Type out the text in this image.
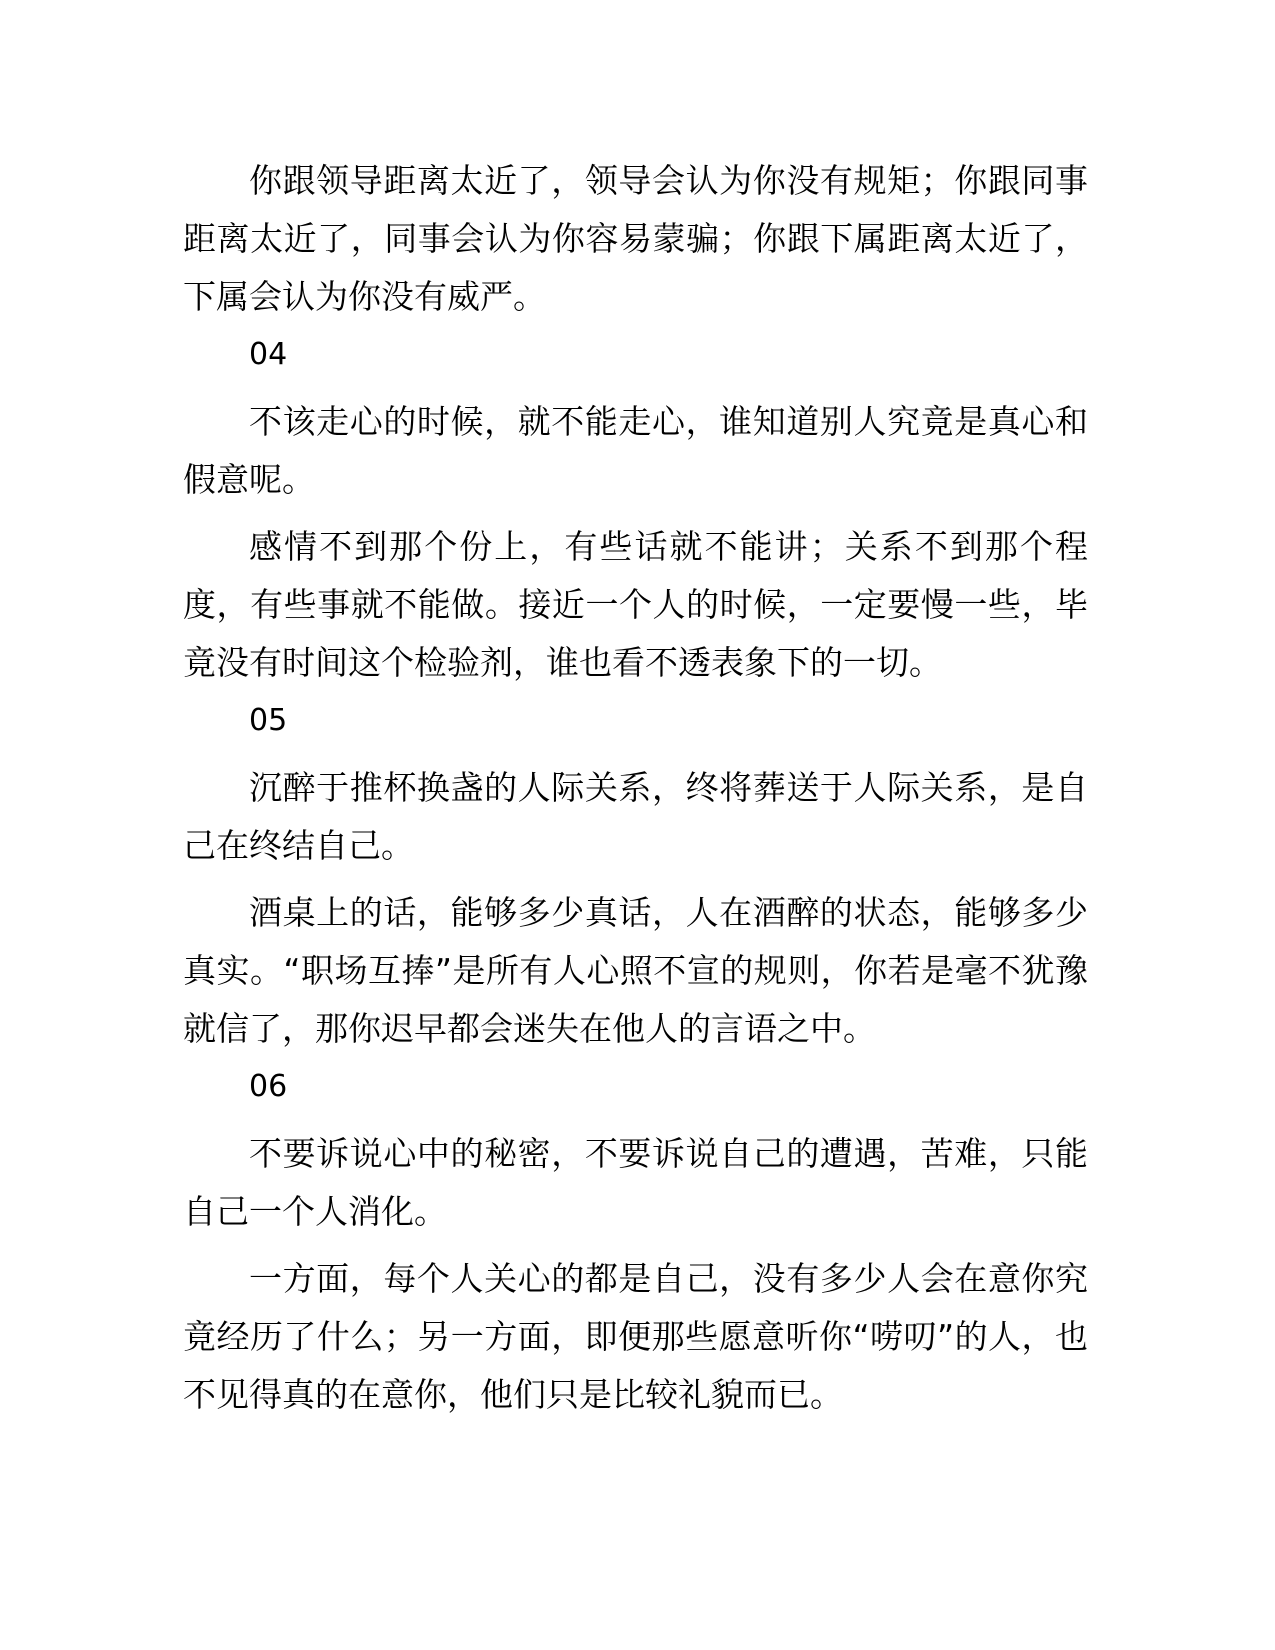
你跟领导距离太近了，领导会认为你没有规矩；你跟同事距离太近了，同事会认为你容易蒙骗；你跟下属距离太近了，下属会认为你没有威严。

04

不该走心的时候，就不能走心，谁知道别人究竟是真心和假意呢。

感情不到那个份上，有些话就不能讲；关系不到那个程度，有些事就不能做。接近一个人的时候，一定要慢一些，毕竟没有时间这个检验剂，谁也看不透表象下的一切。

05

沉醉于推杯换盏的人际关系，终将葬送于人际关系，是自己在终结自己。

酒桌上的话，能够多少真话，人在酒醉的状态，能够多少真实。“职场互捧”是所有人心照不宣的规则，你若是毫不犹豫就信了，那你迟早都会迷失在他人的言语之中。

06

不要诉说心中的秘密，不要诉说自己的遭遇，苦难，只能自己一个人消化。

一方面，每个人关心的都是自己，没有多少人会在意你究竟经历了什么；另一方面，即便那些愿意听你“唠叨”的人，也不见得真的在意你，他们只是比较礼貌而已。
